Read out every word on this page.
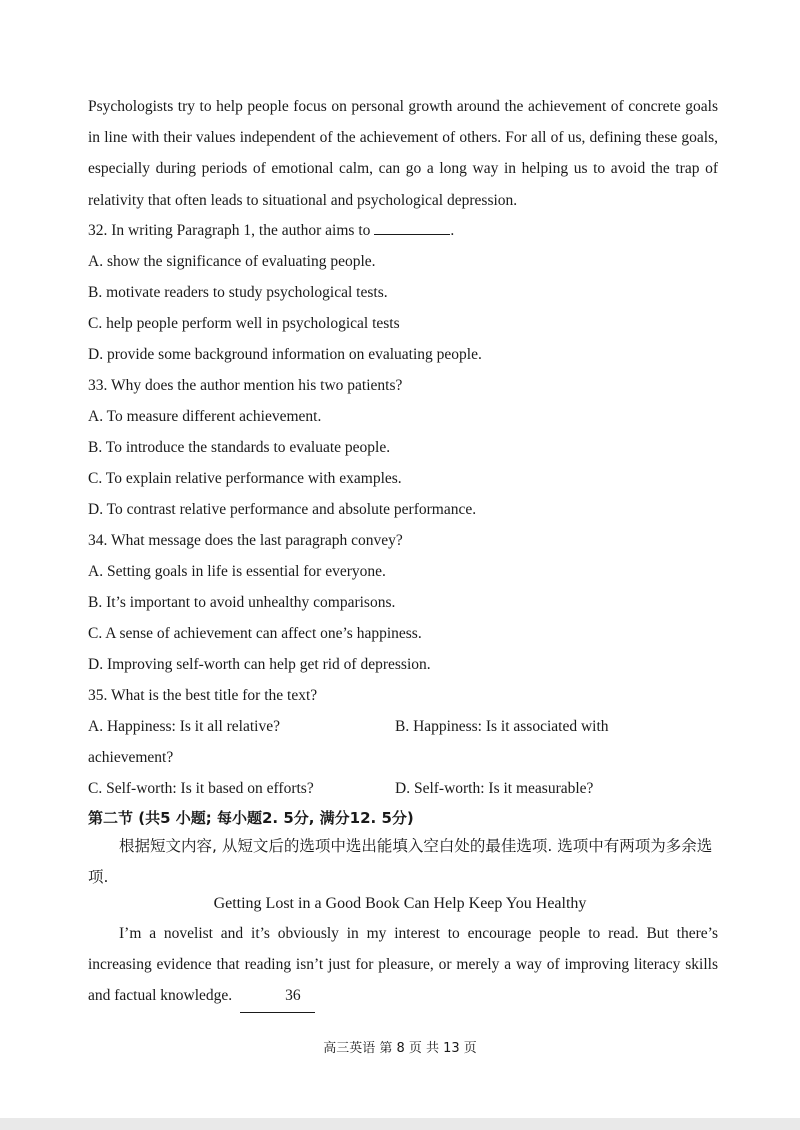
Psychologists try to help people focus on personal growth around the achievement of concrete goals in line with their values independent of the achievement of others. For all of us, defining these goals, especially during periods of emotional calm, can go a long way in helping us to avoid the trap of relativity that often leads to situational and psychological depression.

32. In writing Paragraph 1, the author aims to	.
A. show the significance of evaluating people.
B. motivate readers to study psychological tests.
C. help people perform well in psychological tests
D. provide some background information on evaluating people.
33. Why does the author mention his two patients?
A. To measure different achievement.
B. To introduce the standards to evaluate people.
C. To explain relative performance with examples.
D. To contrast relative performance and absolute performance.
34. What message does the last paragraph convey?
A. Setting goals in life is essential for everyone.
B. It’s important to avoid unhealthy comparisons.
C. A sense of achievement can affect one’s happiness.
D. Improving self-worth can help get rid of depression.
35. What is the best title for the text?
A. Happiness: Is it all relative?	B. Happiness: Is it associated with
achievement?
C. Self-worth: Is it based on efforts?	D. Self-worth: Is it measurable?
第二节 (共5 小题; 每小题2. 5分, 满分12. 5分)

根据短文内容, 从短文后的选项中选出能填入空白处的最佳选项. 选项中有两项为多余选项.

Getting Lost in a Good Book Can Help Keep You Healthy

I’m a novelist and it’s obviously in my interest to encourage people to read. But there’s increasing evidence that reading isn’t just for pleasure, or merely a way of improving literacy skills and factual knowledge.	36

高三英语 第 8 页 共 13 页
